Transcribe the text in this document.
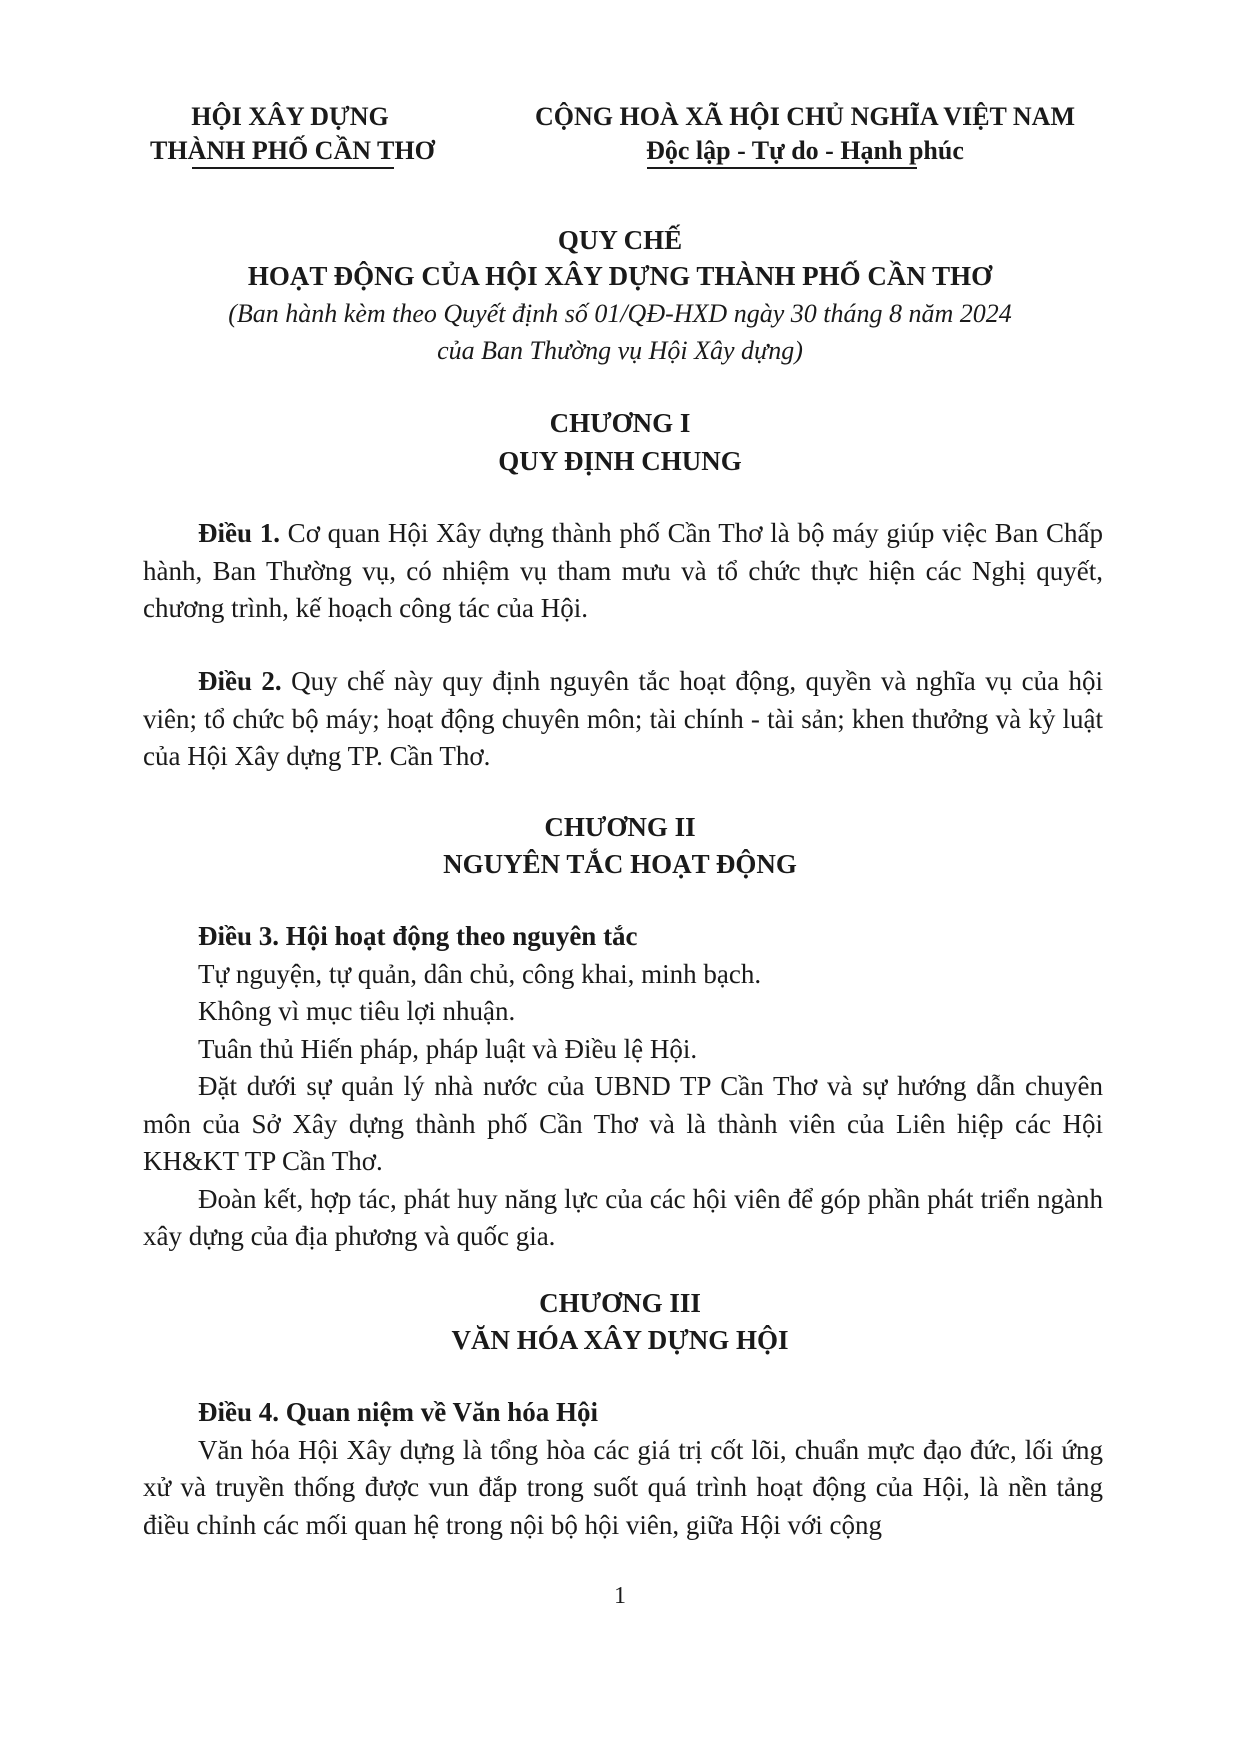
HỘI XÂY DỰNG
THÀNH PHỐ CẦN THƠ
CỘNG HOÀ XÃ HỘI CHỦ NGHĨA VIỆT NAM
Độc lập - Tự do - Hạnh phúc
QUY CHẾ
HOẠT ĐỘNG CỦA HỘI XÂY DỰNG THÀNH PHỐ CẦN THƠ
(Ban hành kèm theo Quyết định số 01/QĐ-HXD ngày 30 tháng 8 năm 2024
của Ban Thường vụ Hội Xây dựng)
CHƯƠNG I
QUY ĐỊNH CHUNG

Điều 1. Cơ quan Hội Xây dựng thành phố Cần Thơ là bộ máy giúp việc Ban Chấp hành, Ban Thường vụ, có nhiệm vụ tham mưu và tổ chức thực hiện các Nghị quyết, chương trình, kế hoạch công tác của Hội.

Điều 2. Quy chế này quy định nguyên tắc hoạt động, quyền và nghĩa vụ của hội viên; tổ chức bộ máy; hoạt động chuyên môn; tài chính - tài sản; khen thưởng và kỷ luật của Hội Xây dựng TP. Cần Thơ.

CHƯƠNG II
NGUYÊN TẮC HOẠT ĐỘNG

Điều 3. Hội hoạt động theo nguyên tắc

Tự nguyện, tự quản, dân chủ, công khai, minh bạch.

Không vì mục tiêu lợi nhuận.

Tuân thủ Hiến pháp, pháp luật và Điều lệ Hội.

Đặt dưới sự quản lý nhà nước của UBND TP Cần Thơ và sự hướng dẫn chuyên môn của Sở Xây dựng thành phố Cần Thơ và là thành viên của Liên hiệp các Hội KH&KT TP Cần Thơ.

Đoàn kết, hợp tác, phát huy năng lực của các hội viên để góp phần phát triển ngành xây dựng của địa phương và quốc gia.

CHƯƠNG III
VĂN HÓA XÂY DỰNG HỘI

Điều 4. Quan niệm về Văn hóa Hội

Văn hóa Hội Xây dựng là tổng hòa các giá trị cốt lõi, chuẩn mực đạo đức, lối ứng xử và truyền thống được vun đắp trong suốt quá trình hoạt động của Hội, là nền tảng điều chỉnh các mối quan hệ trong nội bộ hội viên, giữa Hội với cộng

1
